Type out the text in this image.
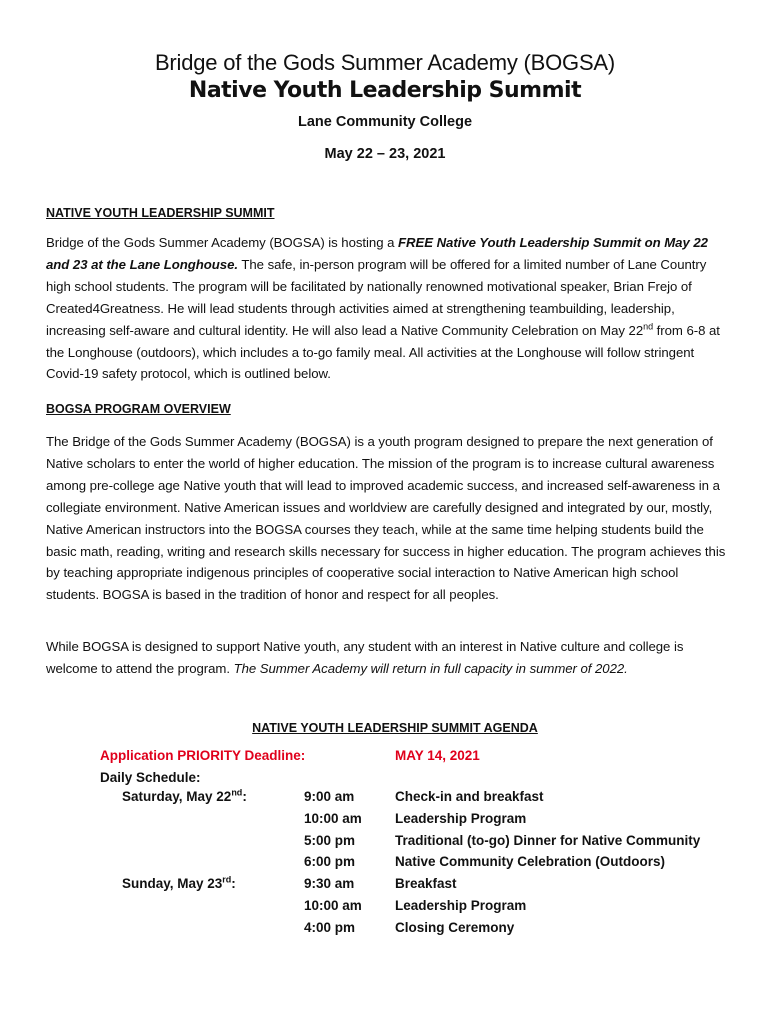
Bridge of the Gods Summer Academy (BOGSA)
Native Youth Leadership Summit
Lane Community College
May 22 – 23, 2021
NATIVE YOUTH LEADERSHIP SUMMIT
Bridge of the Gods Summer Academy (BOGSA) is hosting a FREE Native Youth Leadership Summit on May 22 and 23 at the Lane Longhouse. The safe, in-person program will be offered for a limited number of Lane Country high school students. The program will be facilitated by nationally renowned motivational speaker, Brian Frejo of Created4Greatness. He will lead students through activities aimed at strengthening teambuilding, leadership, increasing self-aware and cultural identity. He will also lead a Native Community Celebration on May 22nd from 6-8 at the Longhouse (outdoors), which includes a to-go family meal. All activities at the Longhouse will follow stringent Covid-19 safety protocol, which is outlined below.
BOGSA PROGRAM OVERVIEW
The Bridge of the Gods Summer Academy (BOGSA) is a youth program designed to prepare the next generation of Native scholars to enter the world of higher education. The mission of the program is to increase cultural awareness among pre-college age Native youth that will lead to improved academic success, and increased self-awareness in a collegiate environment. Native American issues and worldview are carefully designed and integrated by our, mostly, Native American instructors into the BOGSA courses they teach, while at the same time helping students build the basic math, reading, writing and research skills necessary for success in higher education. The program achieves this by teaching appropriate indigenous principles of cooperative social interaction to Native American high school students. BOGSA is based in the tradition of honor and respect for all peoples.
While BOGSA is designed to support Native youth, any student with an interest in Native culture and college is welcome to attend the program. The Summer Academy will return in full capacity in summer of 2022.
NATIVE YOUTH LEADERSHIP SUMMIT AGENDA
Application PRIORITY Deadline:	MAY 14, 2021
Daily Schedule:
Saturday, May 22nd:	9:00 am	Check-in and breakfast
10:00 am Leadership Program
5:00 pm	Traditional (to-go) Dinner for Native Community
6:00 pm	Native Community Celebration (Outdoors)
Sunday, May 23rd:	9:30 am	Breakfast
10:00 am Leadership Program
4:00 pm	Closing Ceremony
